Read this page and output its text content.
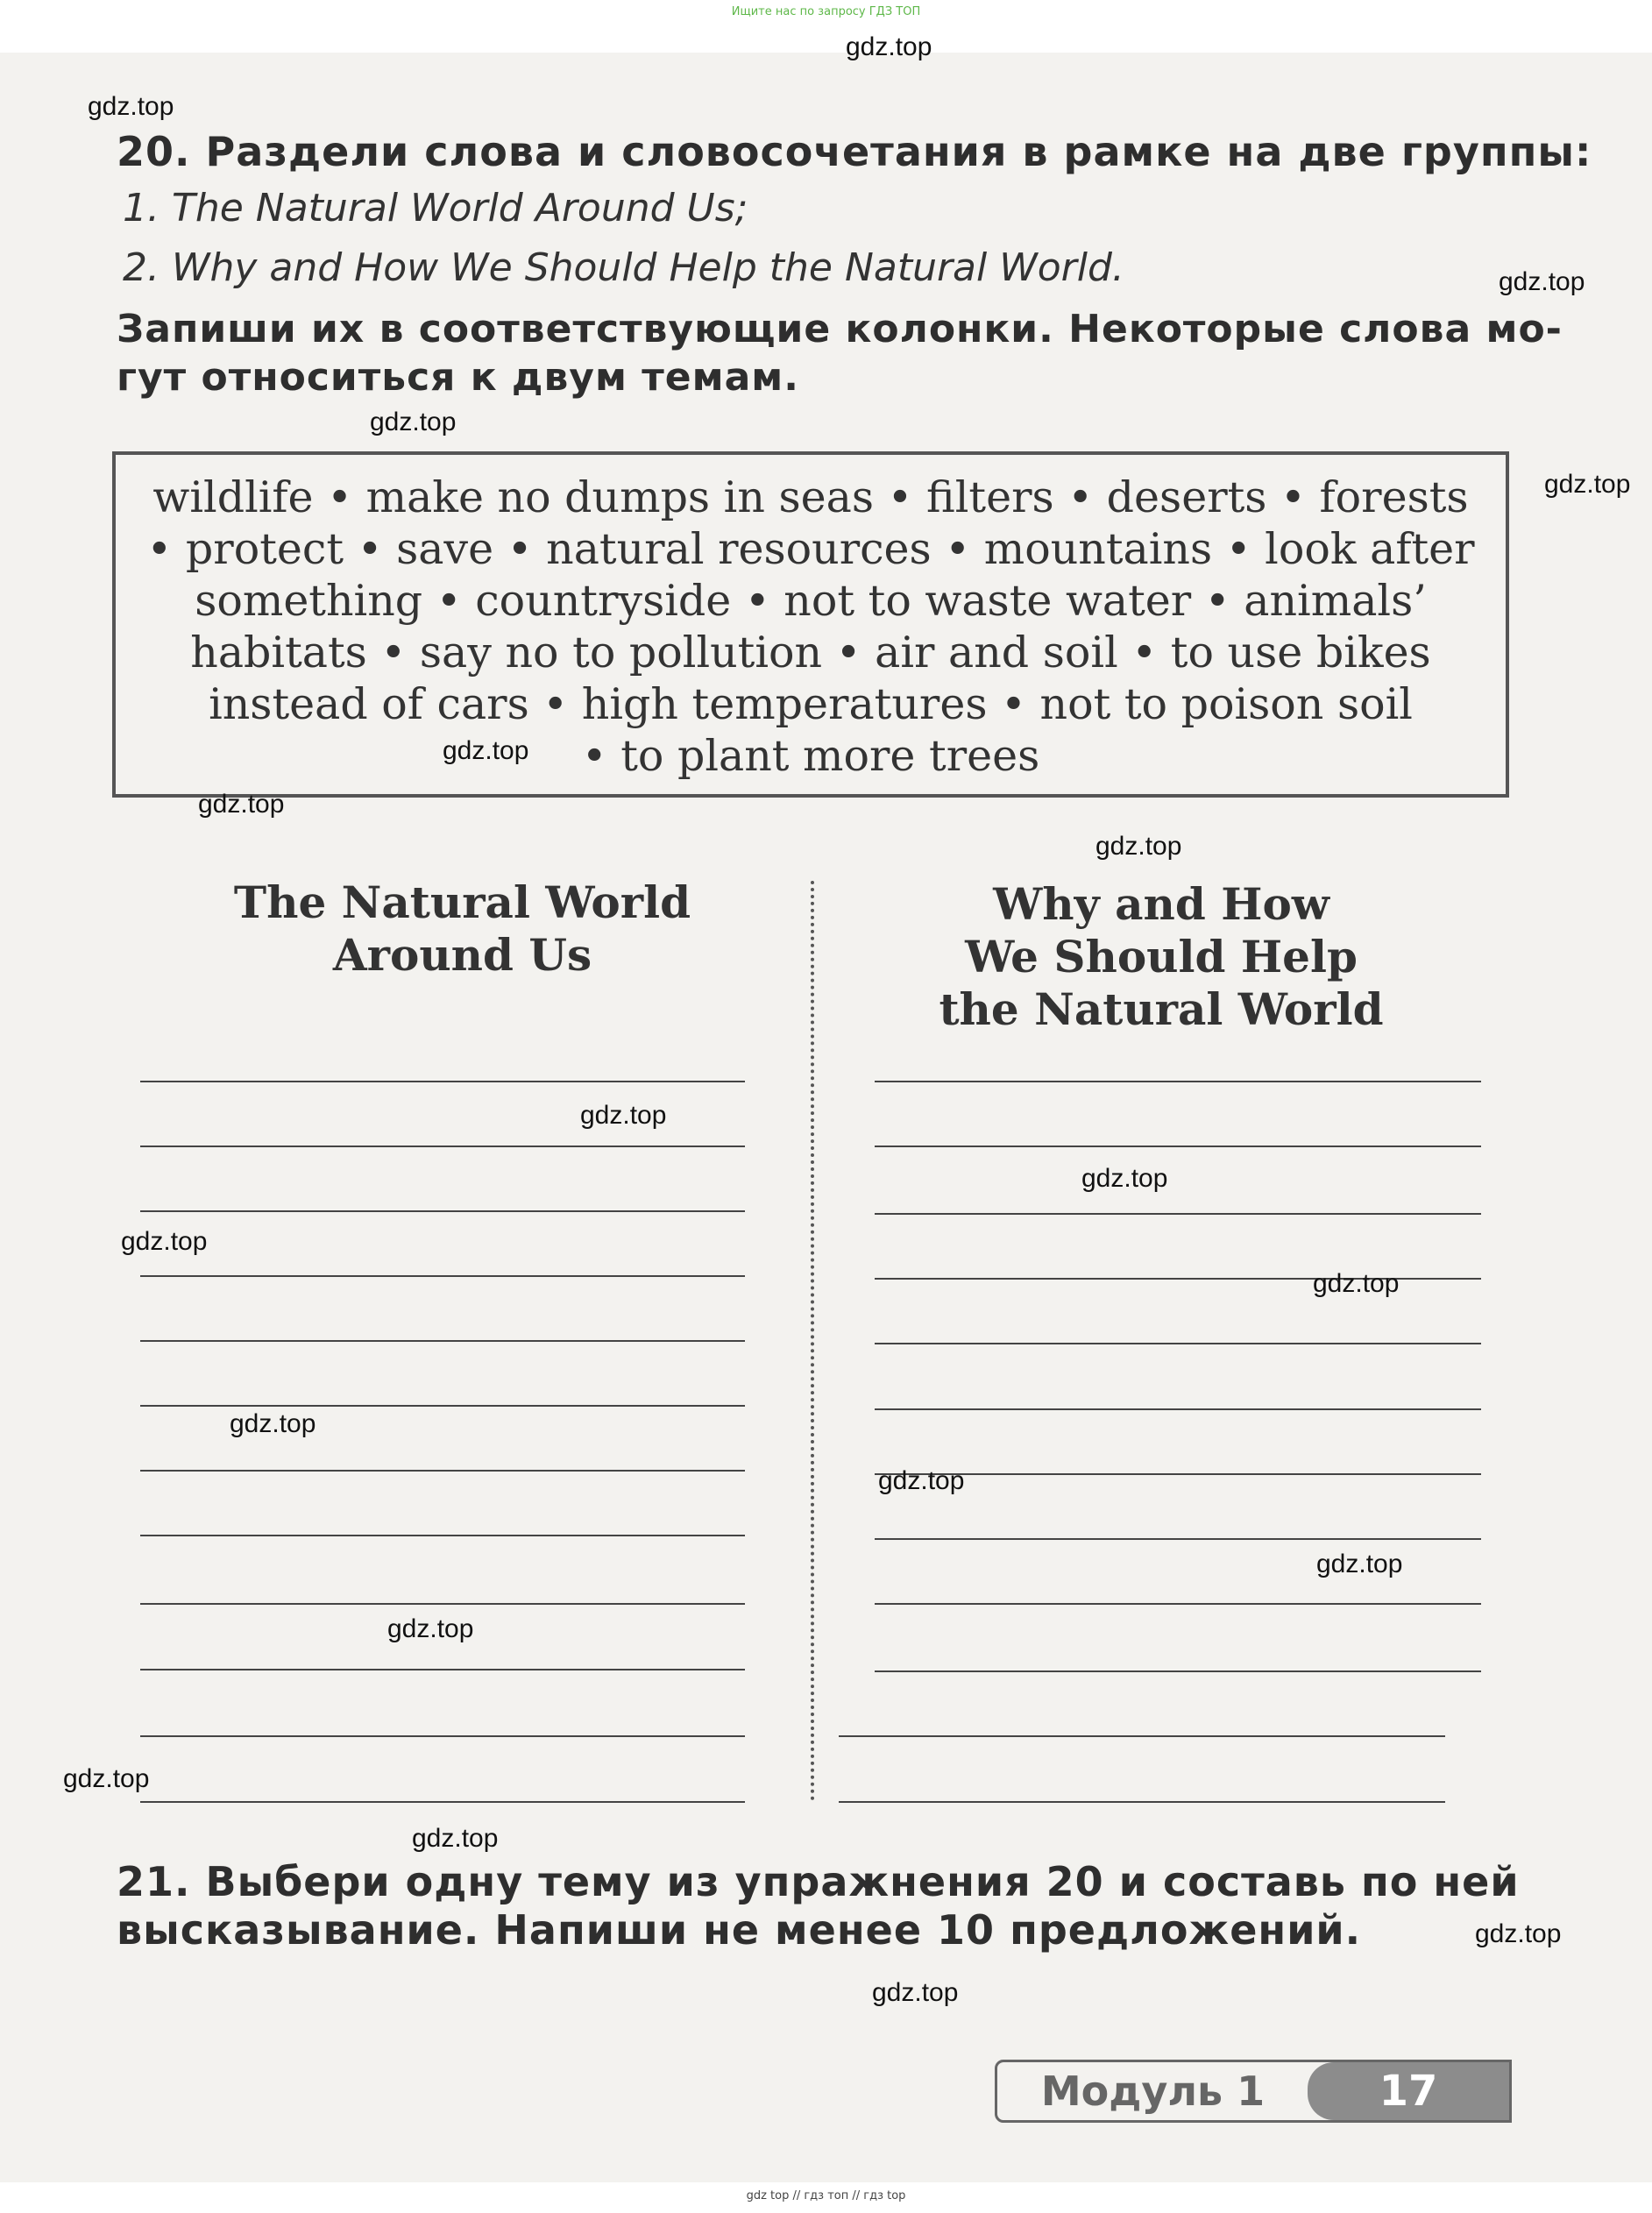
Ищите нас по запросу ГДЗ ТОП
20. Раздели слова и словосочетания в рамке на две группы:
1. The Natural World Around Us;
2. Why and How We Should Help the Natural World.
Запиши их в соответствующие колонки. Некоторые слова мо-
гут относиться к двум темам.
wildlife • make no dumps in seas • filters • deserts • forests
• protect • save • natural resources • mountains • look after
something • countryside • not to waste water • animals’
habitats • say no to pollution • air and soil • to use bikes
instead of cars • high temperatures • not to poison soil
• to plant more trees
The Natural World
Around Us
Why and How
We Should Help
the Natural World
21. Выбери одну тему из упражнения 20 и составь по ней
высказывание. Напиши не менее 10 предложений.
Модуль 1	17
gdz top // гдз топ // гдз top
gdz.top
gdz.top
gdz.top
gdz.top
gdz.top
gdz.top
gdz.top
gdz.top
gdz.top
gdz.top
gdz.top
gdz.top
gdz.top
gdz.top
gdz.top
gdz.top
gdz.top
gdz.top
gdz.top
gdz.top
